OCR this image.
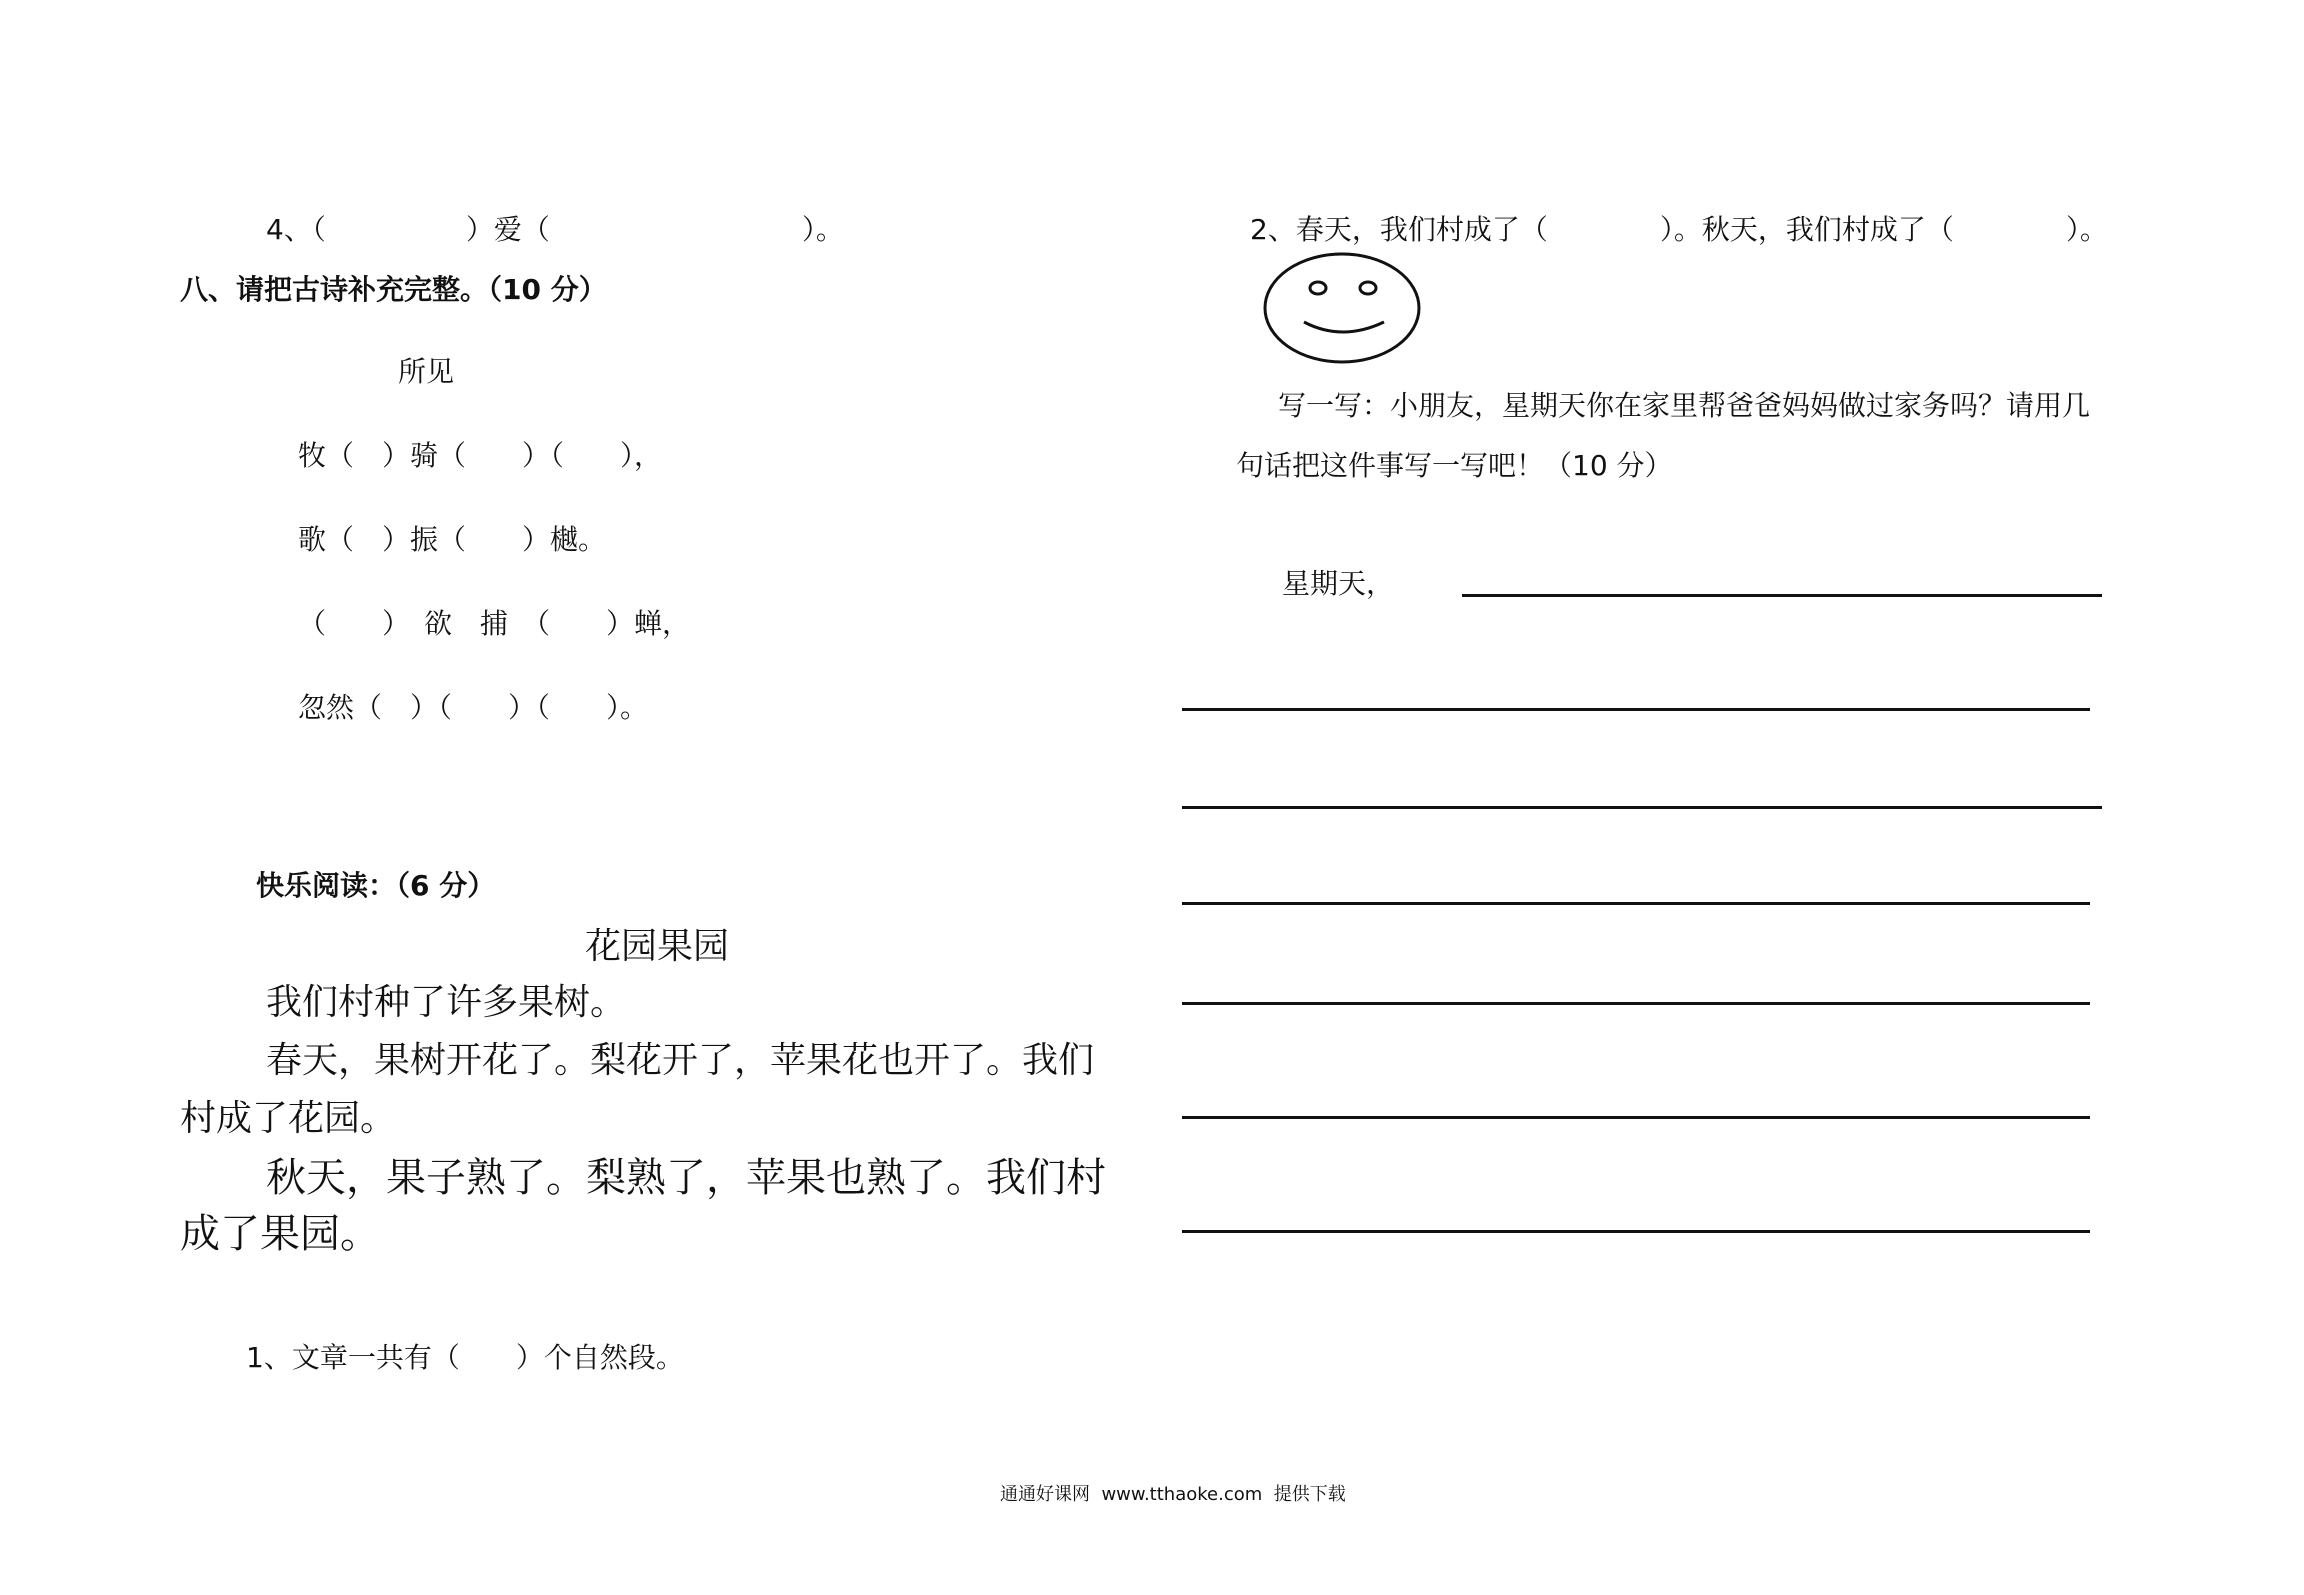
4、（　　　　　）爱（　　　　　　　　　）。
八、请把古诗补充完整。（10 分）
所见
牧（　）骑（　　）（　　），
歌（　）振（　　）樾。
（　　）　欲　捕　（　　）蝉，
忽然（　）（　　）（　　）。
快乐阅读：（6 分）
花园果园
我们村种了许多果树。
春天，果树开花了。梨花开了，苹果花也开了。我们
村成了花园。
秋天，果子熟了。梨熟了，苹果也熟了。我们村
成了果园。
1、文章一共有（　　）个自然段。
2、春天，我们村成了（　　　　）。秋天，我们村成了（　　　　）。
写一写：小朋友，星期天你在家里帮爸爸妈妈做过家务吗？请用几
句话把这件事写一写吧！（10 分）
星期天，
通通好课网  www.tthaoke.com  提供下载
